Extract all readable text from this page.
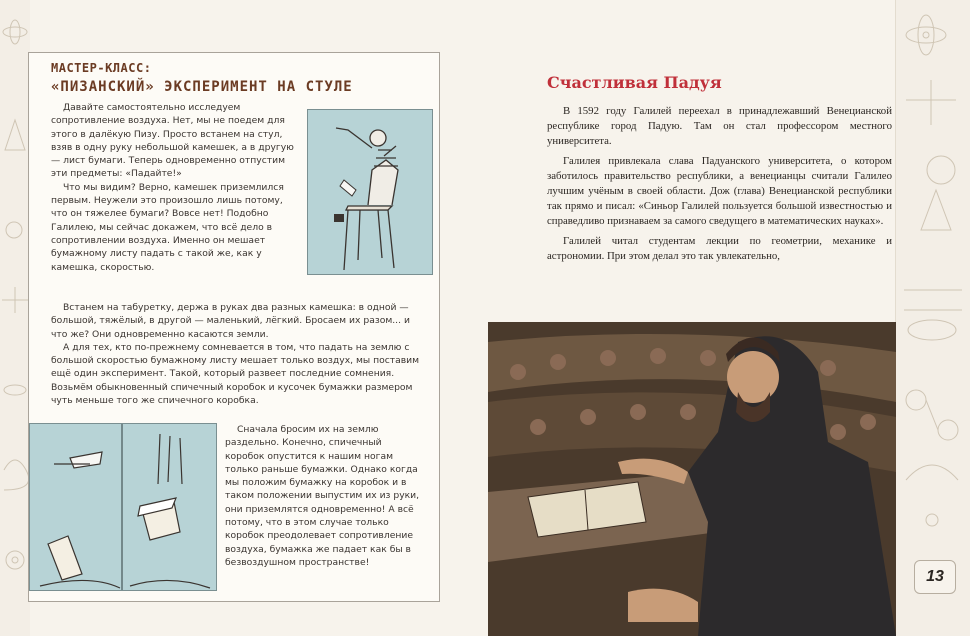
МАСТЕР-КЛАСС:
«ПИЗАНСКИЙ» ЭКСПЕРИМЕНТ НА СТУЛЕ

Давайте самостоятельно исследуем сопротивление воздуха. Нет, мы не поедем для этого в далёкую Пизу. Просто встанем на стул, взяв в одну руку небольшой камешек, а в другую — лист бумаги. Теперь одновременно отпустим эти предметы: «Падайте!»

Что мы видим? Верно, камешек приземлился первым. Неужели это произошло лишь потому, что он тяжелее бумаги? Вовсе нет! Подобно Галилею, мы сейчас докажем, что всё дело в сопротивлении воздуха. Именно он мешает бумажному листу падать с такой же, как у камешка, скоростью.

Встанем на табуретку, держа в руках два разных камешка: в одной — большой, тяжёлый, в другой — маленький, лёгкий. Бросаем их разом... и что же? Они одновременно касаются земли.

А для тех, кто по-прежнему сомневается в том, что падать на землю с большой скоростью бумажному листу мешает только воздух, мы поставим ещё один эксперимент. Такой, который развеет последние сомнения. Возьмём обыкновенный спичечный коробок и кусочек бумажки размером чуть меньше того же спичечного коробка.

Сначала бросим их на землю раздельно. Конечно, спичечный коробок опустится к нашим ногам только раньше бумажки. Однако когда мы положим бумажку на коробок и в таком положении выпустим их из руки, они приземлятся одновременно! А всё потому, что в этом случае только коробок преодолевает сопротивление воздуха, бумажка же падает как бы в безвоздушном пространстве!

Счастливая Падуя

В 1592 году Галилей переехал в принадлежавший Венецианской республике город Падую. Там он стал профессором местного университета.

Галилея привлекала слава Падуанского университета, о котором заботилось правительство республики, а венецианцы считали Галилео лучшим учёным в своей области. Дож (глава) Венецианской республики так прямо и писал: «Синьор Галилей пользуется большой известностью и справедливо признаваем за самого сведущего в математических науках».

Галилей читал студентам лекции по геометрии, механике и астрономии. При этом делал это так увлекательно,

13
